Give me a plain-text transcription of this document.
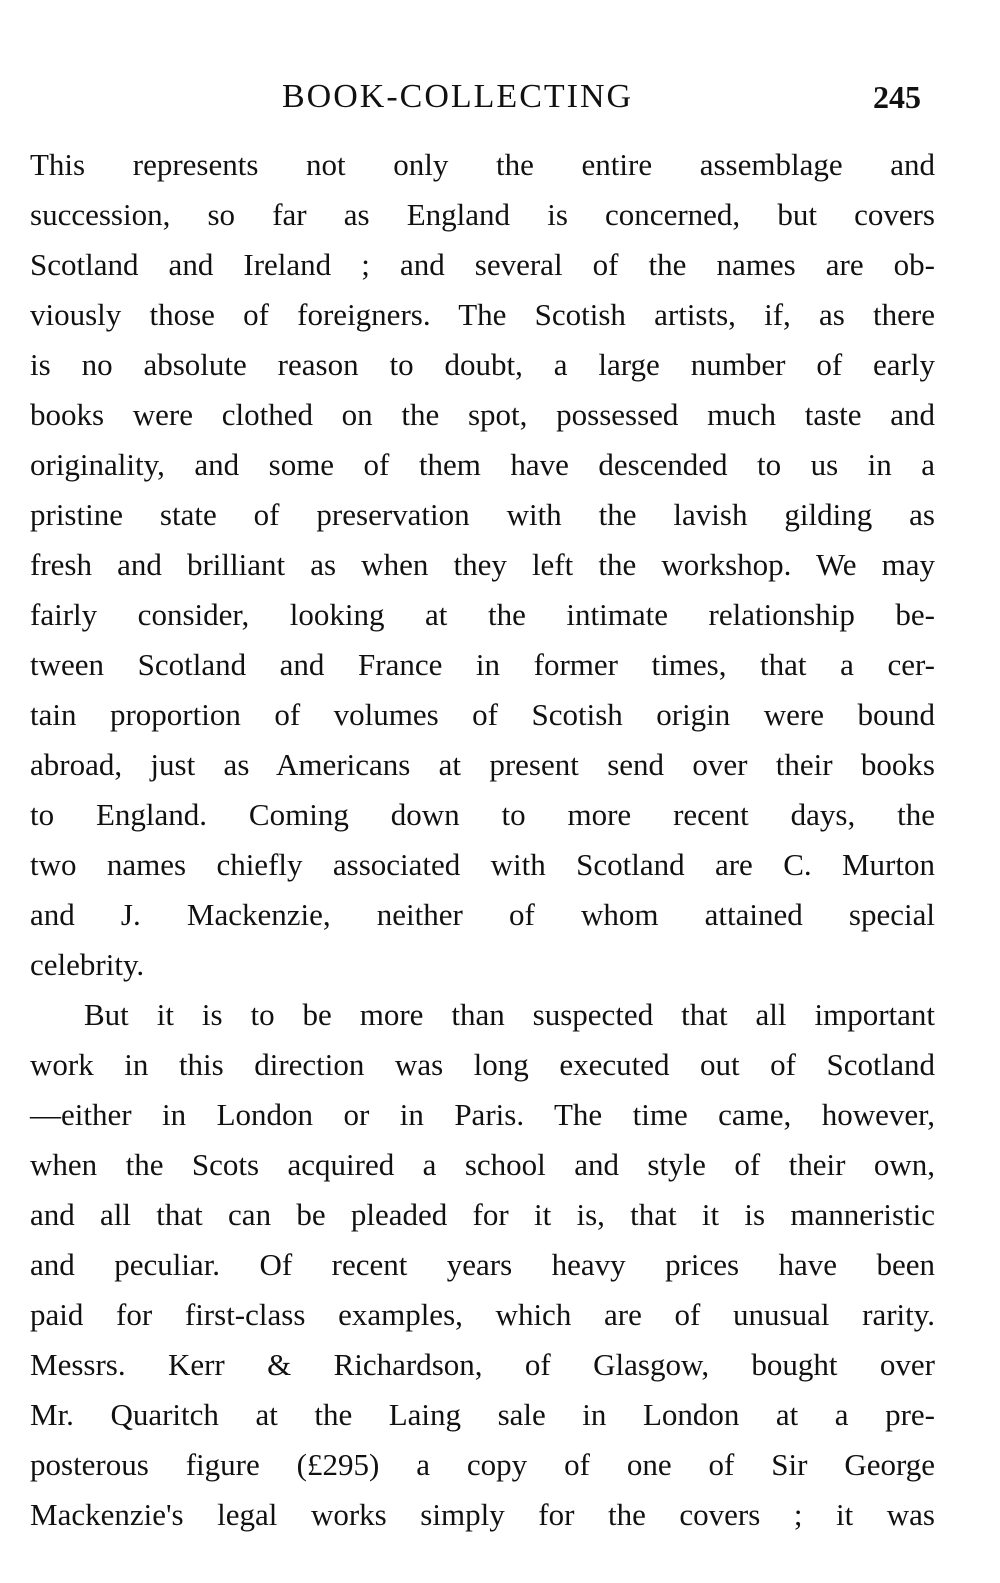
BOOK-COLLECTING	245

This represents not only the entire assemblage and
succession, so far as England is concerned, but covers
Scotland and Ireland ; and several of the names are ob-
viously those of foreigners. The Scotish artists, if, as there
is no absolute reason to doubt, a large number of early
books were clothed on the spot, possessed much taste and
originality, and some of them have descended to us in a
pristine state of preservation with the lavish gilding as
fresh and brilliant as when they left the workshop. We may
fairly consider, looking at the intimate relationship be-
tween Scotland and France in former times, that a cer-
tain proportion of volumes of Scotish origin were bound
abroad, just as Americans at present send over their books
to England. Coming down to more recent days, the
two names chiefly associated with Scotland are C. Murton
and J. Mackenzie, neither of whom attained special
celebrity.

But it is to be more than suspected that all important
work in this direction was long executed out of Scotland
—either in London or in Paris. The time came, however,
when the Scots acquired a school and style of their own,
and all that can be pleaded for it is, that it is manneristic
and peculiar. Of recent years heavy prices have been
paid for first-class examples, which are of unusual rarity.
Messrs. Kerr & Richardson, of Glasgow, bought over
Mr. Quaritch at the Laing sale in London at a pre-
posterous figure (£295) a copy of one of Sir George
Mackenzie's legal works simply for the covers ; it was
